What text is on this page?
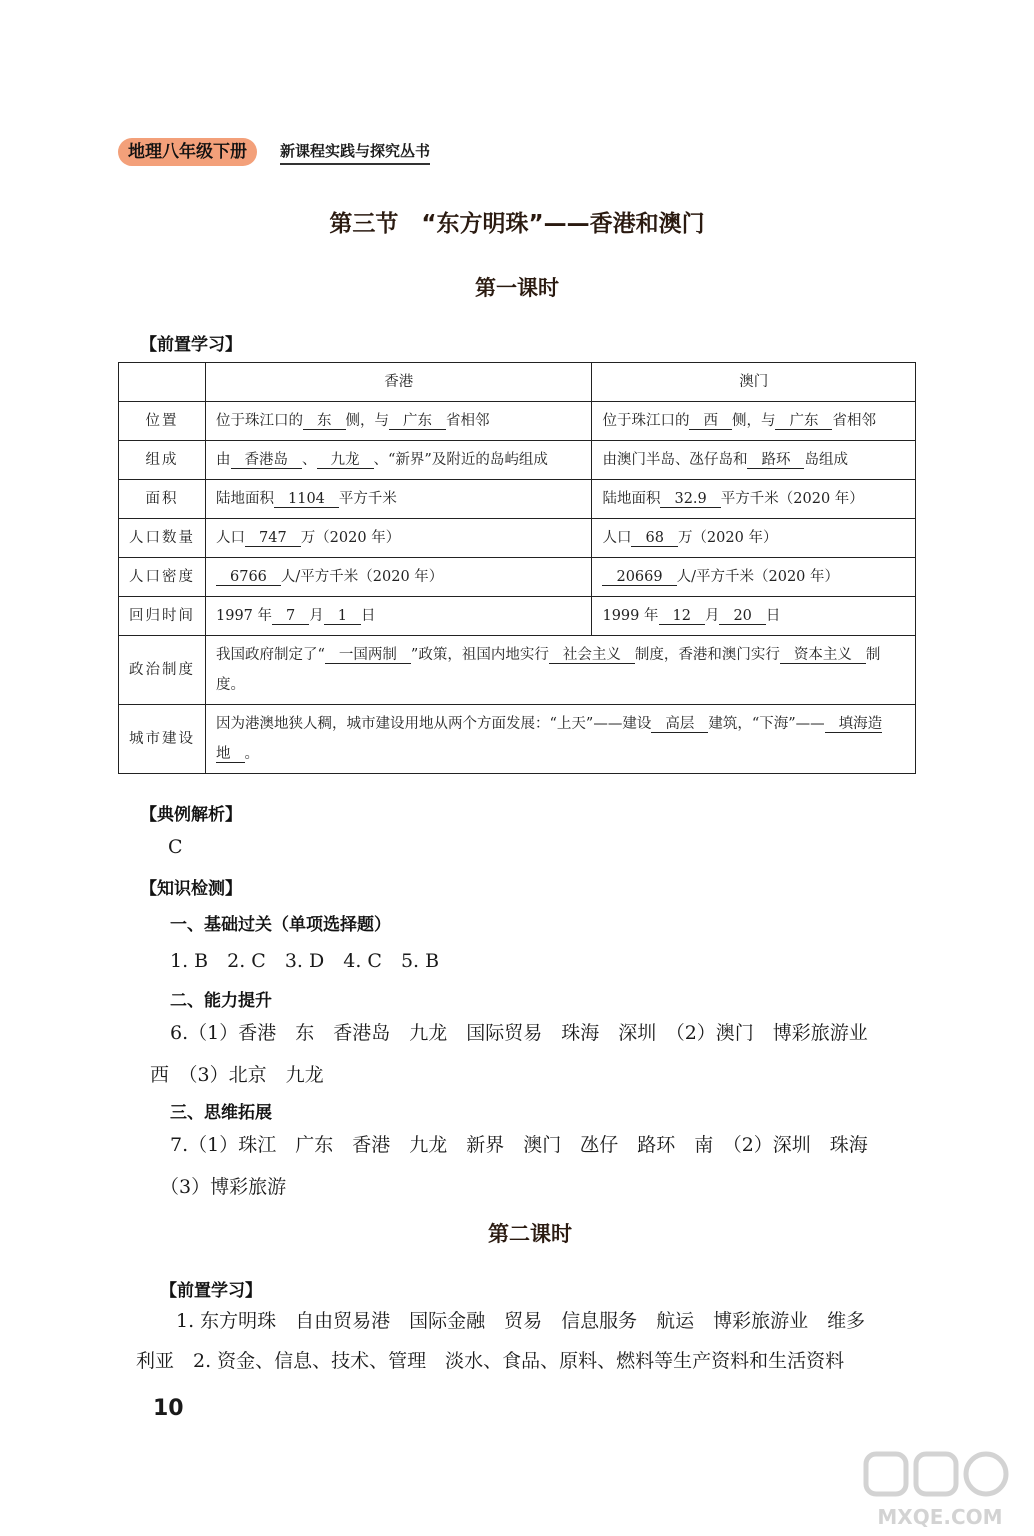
地理八年级下册	新课程实践与探究丛书
第三节　“东方明珠”——香港和澳门
第一课时
【前置学习】
	香港	澳门
位置	位于珠江口的 东 侧，与 广东 省相邻	位于珠江口的 西 侧，与 广东 省相邻
组成	由 香港岛 、 九龙 、“新界”及附近的岛屿组成	由澳门半岛、氹仔岛和 路环 岛组成
面积	陆地面积 1104 平方千米	陆地面积 32.9 平方千米（2020 年）
人口数量	人口 747 万（2020 年）	人口 68 万（2020 年）
人口密度	6766 人/平方千米（2020 年）	20669 人/平方千米（2020 年）
回归时间	1997 年 7 月 1 日	1999 年 12 月 20 日
政治制度	我国政府制定了“ 一国两制 ”政策，祖国内地实行 社会主义 制度，香港和澳门实行 资本主义 制度。	
城市建设	因为港澳地狭人稠，城市建设用地从两个方面发展：“上天”——建设 高层 建筑，“下海”—— 填海造地 。	
【典例解析】
C
【知识检测】
一、基础过关（单项选择题）
1. B　2. C　3. D　4. C　5. B
二、能力提升
6.（1）香港　东　香港岛　九龙　国际贸易　珠海　深圳　（2）澳门　博彩旅游业
西　（3）北京　九龙
三、思维拓展
7.（1）珠江　广东　香港　九龙　新界　澳门　氹仔　路环　南　（2）深圳　珠海
（3）博彩旅游
第二课时
【前置学习】
1. 东方明珠　自由贸易港　国际金融　贸易　信息服务　航运　博彩旅游业　维多
利亚　2. 资金、信息、技术、管理　淡水、食品、原料、燃料等生产资料和生活资料
10
MXQE.COM
